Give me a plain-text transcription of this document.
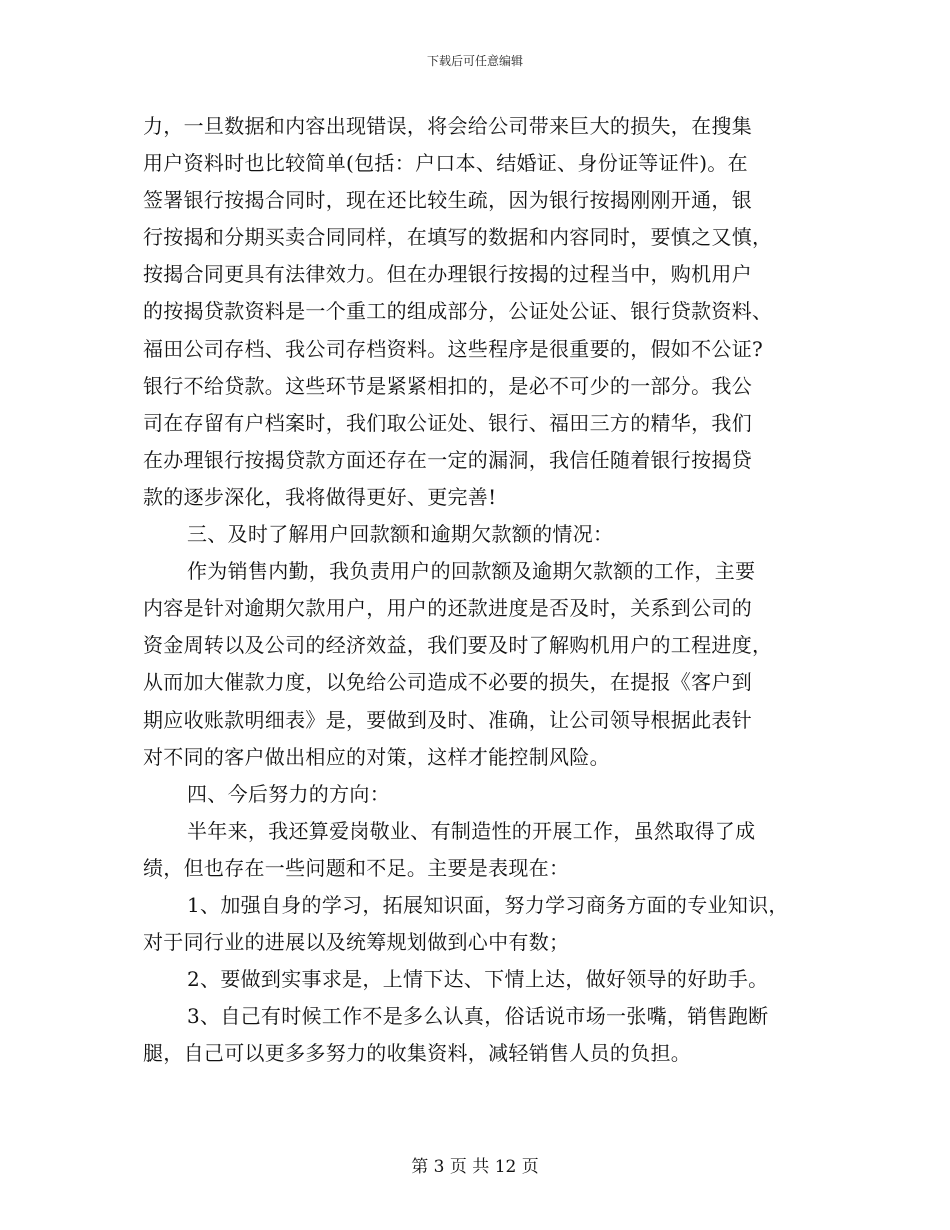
下载后可任意编辑
力，一旦数据和内容出现错误，将会给公司带来巨大的损失，在搜集
用户资料时也比较简单(包括：户口本、结婚证、身份证等证件)。在
签署银行按揭合同时，现在还比较生疏，因为银行按揭刚刚开通，银
行按揭和分期买卖合同同样，在填写的数据和内容同时，要慎之又慎，
按揭合同更具有法律效力。但在办理银行按揭的过程当中，购机用户
的按揭贷款资料是一个重工的组成部分，公证处公证、银行贷款资料、
福田公司存档、我公司存档资料。这些程序是很重要的，假如不公证?
银行不给贷款。这些环节是紧紧相扣的，是必不可少的一部分。我公
司在存留有户档案时，我们取公证处、银行、福田三方的精华，我们
在办理银行按揭贷款方面还存在一定的漏洞，我信任随着银行按揭贷
款的逐步深化，我将做得更好、更完善!
三、及时了解用户回款额和逾期欠款额的情况：
作为销售内勤，我负责用户的回款额及逾期欠款额的工作，主要
内容是针对逾期欠款用户，用户的还款进度是否及时，关系到公司的
资金周转以及公司的经济效益，我们要及时了解购机用户的工程进度，
从而加大催款力度，以免给公司造成不必要的损失，在提报《客户到
期应收账款明细表》是，要做到及时、准确，让公司领导根据此表针
对不同的客户做出相应的对策，这样才能控制风险。
四、今后努力的方向：
半年来，我还算爱岗敬业、有制造性的开展工作，虽然取得了成
绩，但也存在一些问题和不足。主要是表现在：
1、加强自身的学习，拓展知识面，努力学习商务方面的专业知识，
对于同行业的进展以及统筹规划做到心中有数；
2、要做到实事求是，上情下达、下情上达，做好领导的好助手。
3、自己有时候工作不是多么认真，俗话说市场一张嘴，销售跑断
腿，自己可以更多多努力的收集资料，减轻销售人员的负担。
第 3 页 共 12 页
